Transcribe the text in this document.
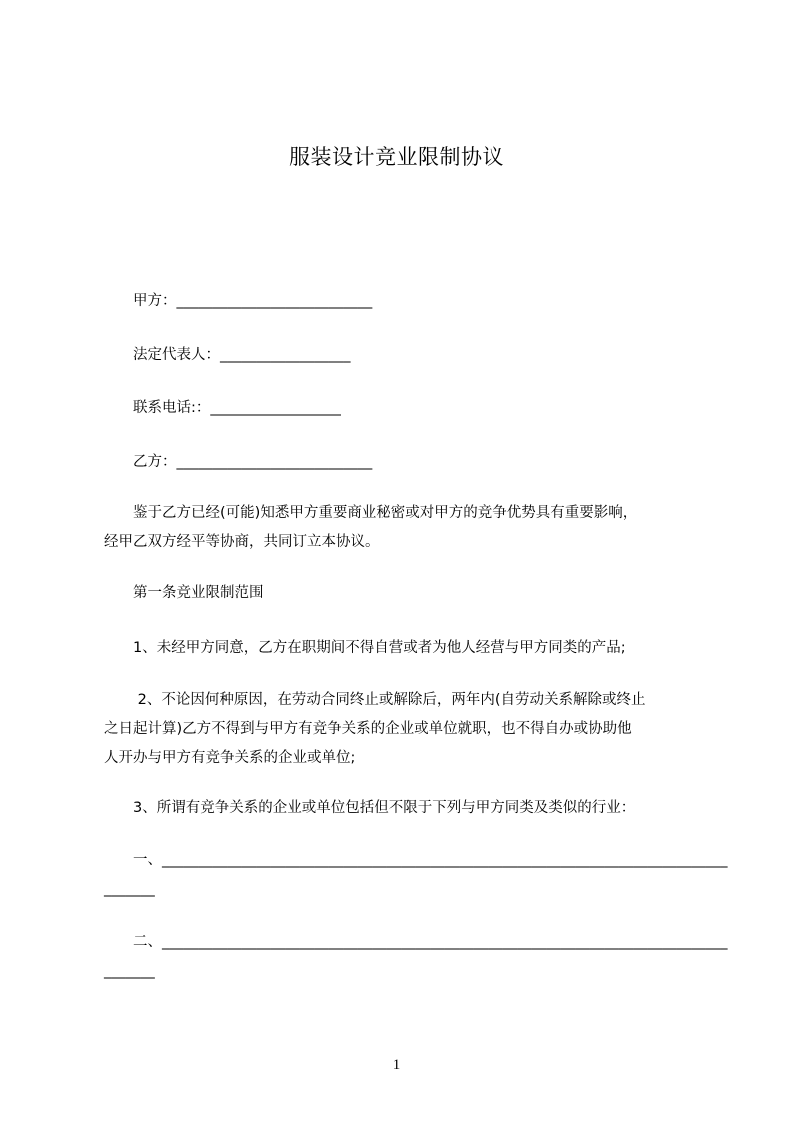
服装设计竞业限制协议
　　甲方：___________________________
　　法定代表人：__________________
　　联系电话:：__________________
　　乙方：___________________________
　　鉴于乙方已经(可能)知悉甲方重要商业秘密或对甲方的竞争优势具有重要影响，
经甲乙双方经平等协商，共同订立本协议。
　　第一条竞业限制范围
　　1、未经甲方同意，乙方在职期间不得自营或者为他人经营与甲方同类的产品;
　　 2、不论因何种原因，在劳动合同终止或解除后，两年内(自劳动关系解除或终止
之日起计算)乙方不得到与甲方有竞争关系的企业或单位就职，也不得自办或协助他
人开办与甲方有竞争关系的企业或单位;
　　3、所谓有竞争关系的企业或单位包括但不限于下列与甲方同类及类似的行业：
　　一、______________________________________________________________________________
_______
　　二、______________________________________________________________________________
_______
1
